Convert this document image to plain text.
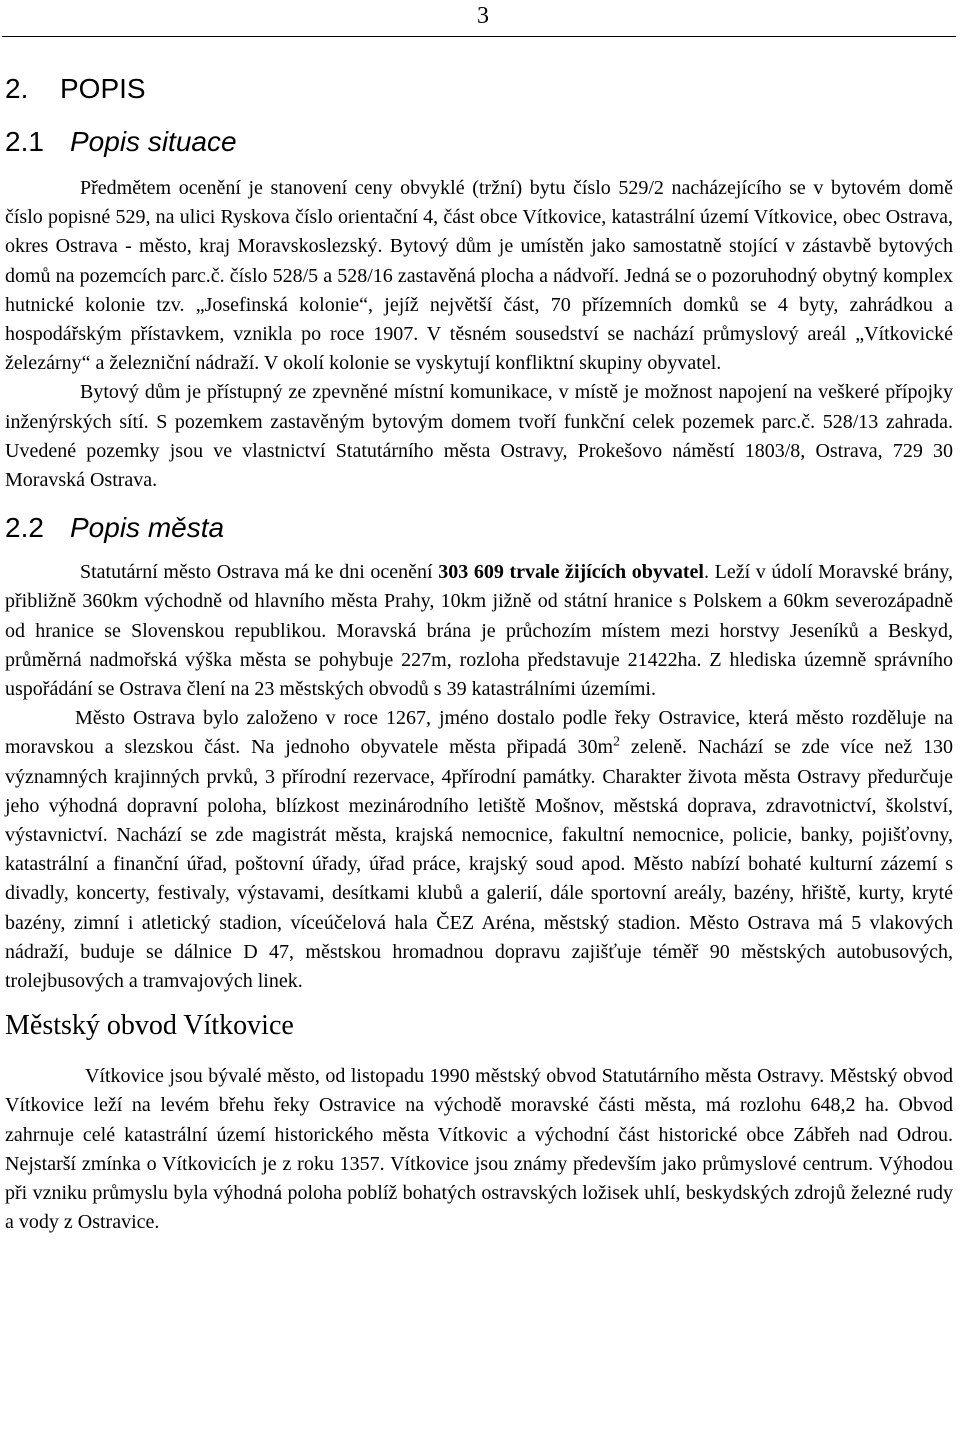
3
2. POPIS
2.1 Popis situace

Předmětem ocenění je stanovení ceny obvyklé (tržní) bytu číslo 529/2 nacházejícího se v bytovém domě číslo popisné 529, na ulici Ryskova číslo orientační 4, část obce Vítkovice, katastrální území Vítkovice, obec Ostrava, okres Ostrava - město, kraj Moravskoslezský. Bytový dům je umístěn jako samostatně stojící v zástavbě bytových domů na pozemcích parc.č. číslo 528/5 a 528/16 zastavěná plocha a nádvoří. Jedná se o pozoruhodný obytný komplex hutnické kolonie tzv. „Josefinská kolonie“, jejíž největší část, 70 přízemních domků se 4 byty, zahrádkou a hospodářským přístavkem, vznikla po roce 1907. V těsném sousedství se nachází průmyslový areál „Vítkovické železárny“ a železniční nádraží. V okolí kolonie se vyskytují konfliktní skupiny obyvatel.

Bytový dům je přístupný ze zpevněné místní komunikace, v místě je možnost napojení na veškeré přípojky inženýrských sítí. S pozemkem zastavěným bytovým domem tvoří funkční celek pozemek parc.č. 528/13 zahrada. Uvedené pozemky jsou ve vlastnictví Statutárního města Ostravy, Prokešovo náměstí 1803/8, Ostrava, 729 30 Moravská Ostrava.

2.2 Popis města

Statutární město Ostrava má ke dni ocenění 303 609 trvale žijících obyvatel. Leží v údolí Moravské brány, přibližně 360km východně od hlavního města Prahy, 10km jižně od státní hranice s Polskem a 60km severozápadně od hranice se Slovenskou republikou. Moravská brána je průchozím místem mezi horstvy Jeseníků a Beskyd, průměrná nadmořská výška města se pohybuje 227m, rozloha představuje 21422ha. Z hlediska územně správního uspořádání se Ostrava člení na 23 městských obvodů s 39 katastrálními územími.

Město Ostrava bylo založeno v roce 1267, jméno dostalo podle řeky Ostravice, která město rozděluje na moravskou a slezskou část. Na jednoho obyvatele města připadá $30m^2$ zeleně. Nachází se zde více než 130 významných krajinných prvků, 3 přírodní rezervace, 4přírodní památky. Charakter života města Ostravy předurčuje jeho výhodná dopravní poloha, blízkost mezinárodního letiště Mošnov, městská doprava, zdravotnictví, školství, výstavnictví. Nachází se zde magistrát města, krajská nemocnice, fakultní nemocnice, policie, banky, pojišťovny, katastrální a finanční úřad, poštovní úřady, úřad práce, krajský soud apod. Město nabízí bohaté kulturní zázemí s divadly, koncerty, festivaly, výstavami, desítkami klubů a galerií, dále sportovní areály, bazény, hřiště, kurty, kryté bazény, zimní i atletický stadion, víceúčelová hala ČEZ Aréna, městský stadion. Město Ostrava má 5 vlakových nádraží, buduje se dálnice D 47, městskou hromadnou dopravu zajišťuje téměř 90 městských autobusových, trolejbusových a tramvajových linek.

Městský obvod Vítkovice

Vítkovice jsou bývalé město, od listopadu 1990 městský obvod Statutárního města Ostravy. Městský obvod Vítkovice leží na levém břehu řeky Ostravice na východě moravské části města, má rozlohu 648,2 ha. Obvod zahrnuje celé katastrální území historického města Vítkovic a východní část historické obce Zábřeh nad Odrou. Nejstarší zmínka o Vítkovicích je z roku 1357. Vítkovice jsou známy především jako průmyslové centrum. Výhodou při vzniku průmyslu byla výhodná poloha poblíž bohatých ostravských ložisek uhlí, beskydských zdrojů železné rudy a vody z Ostravice.
